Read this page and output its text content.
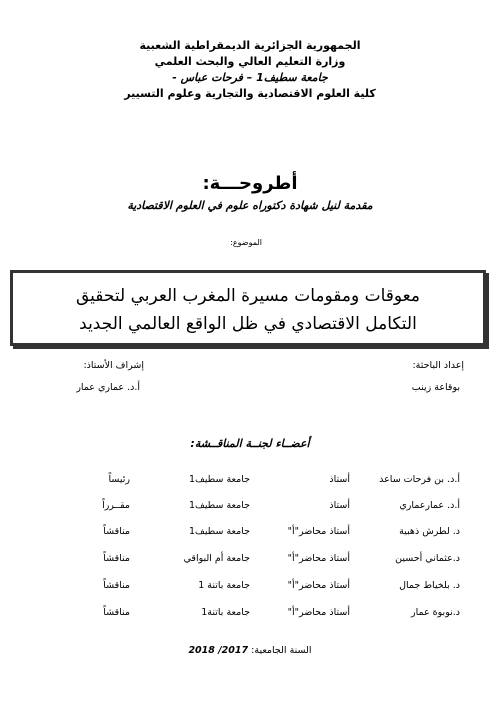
الجمهورية الجزائرية الديمقراطية الشعبية
وزارة التعليم العالي والبحث العلمي
جامعة سطيف1 – فرحات عباس -
كلية العلوم الاقتصادية والتجارية وعلوم التسيير
أطروحـــة:
مقدمة لنيل شهادة دكتوراه علوم في العلوم الاقتصادية
الموضوع:
معوقات ومقومات مسيرة المغرب العربي لتحقيق
التكامل الاقتصادي في ظل الواقع العالمي الجديد
إعداد الباحثة:
بوقاعة زينب
إشراف الأستاذ:
أ.د. عماري عمار
أعضــاء لجنــة المناقــشة:
أ.د. بن فرحات ساعد
أستاذ
جامعة سطيف1
رئيساً
أ.د. عمارعماري
أستاذ
جامعة سطيف1
مقــرراً
د. لطرش ذهبية
أستاذ محاضر"أ"
جامعة سطيف1
مناقشاً
د.عثماني أحسين
أستاذ محاضر"أ"
جامعة أم البواقي
مناقشاً
د. بلخياط جمال
أستاذ محاضر"أ"
جامعة باتنة 1
مناقشاً
د.نوبوة عمار
أستاذ محاضر"أ"
جامعة باتنة1
مناقشاً
السنة الجامعية: 2017/ 2018
